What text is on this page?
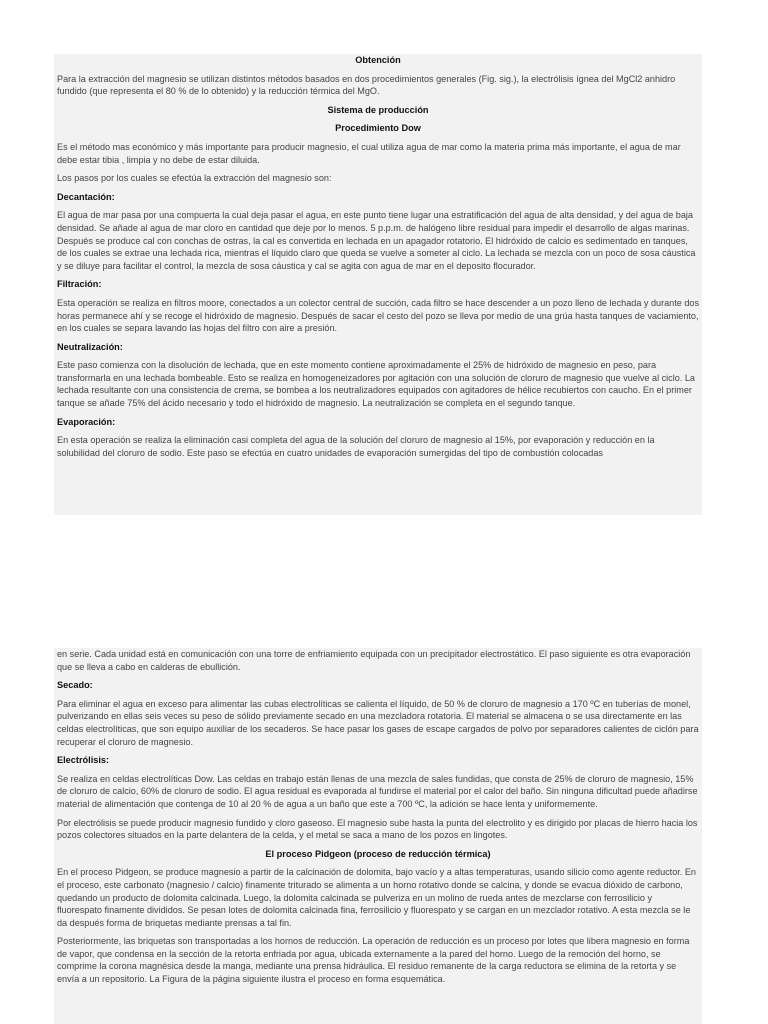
Obtención

Para la extracción del magnesio se utilizan distintos métodos basados en dos procedimientos generales (Fig. sig.), la electrólisis ígnea del MgCl2 anhidro fundido (que representa el 80 % de lo obtenido) y la reducción térmica del MgO.

Sistema de producción

Procedimiento Dow

Es el método mas económico y más importante para producir magnesio, el cual utiliza agua de mar como la materia prima más importante, el agua de mar debe estar tibia , limpia y no debe de estar diluida.

Los pasos por los cuales se efectúa la extracción del magnesio son:

Decantación:

El agua de mar pasa por una compuerta la cual deja pasar el agua, en este punto tiene lugar una estratificación del agua de alta densidad, y del agua de baja densidad. Se añade al agua de mar cloro en cantidad que deje por lo menos. 5 p.p.m. de halógeno libre residual para impedir el desarrollo de algas marinas. Después se produce cal con conchas de ostras, la cal es convertida en lechada en un apagador rotatorio. El hidróxido de calcio es sedimentado en tanques, de los cuales se extrae una lechada rica, mientras el líquido claro que queda se vuelve a someter al ciclo. La lechada se mezcla con un poco de sosa cáustica y se diluye para facilitar el control, la mezcla de sosa cáustica y cal se agita con agua de mar en el deposito flocurador.

Filtración:

Esta operación se realiza en filtros moore, conectados a un colector central de succión, cada filtro se hace descender a un pozo lleno de lechada y durante dos horas permanece ahí y se recoge el hidróxido de magnesio. Después de sacar el cesto del pozo se lleva por medio de una grúa hasta tanques de vaciamiento, en los cuales se separa lavando las hojas del filtro con aire a presión.

Neutralización:

Este paso comienza con la disolución de lechada, que en este momento contiene aproximadamente el 25% de hidróxido de magnesio en peso, para transformarla en una lechada bombeable. Esto se realiza en homogeneizadores por agitación con una solución de cloruro de magnesio que vuelve al ciclo. La lechada resultante con una consistencia de crema, se bombea a los neutralizadores equipados con agitadores de hélice recubiertos con caucho. En el primer tanque se añade 75% del ácido necesario y todo el hidróxido de magnesio. La neutralización se completa en el segundo tanque.

Evaporación:

En esta operación se realiza la eliminación casi completa del agua de la solución del cloruro de magnesio al 15%, por evaporación y reducción en la solubilidad del cloruro de sodio. Este paso se efectúa en cuatro unidades de evaporación sumergidas del tipo de combustión colocadas

en serie. Cada unidad está en comunicación con una torre de enfriamiento equipada con un precipitador electrostático. El paso siguiente es otra evaporación que se lleva a cabo en calderas de ebullición.

Secado:

Para eliminar el agua en exceso para alimentar las cubas electrolíticas se calienta el líquido, de 50 % de cloruro de magnesio a 170 ºC en tuberías de monel, pulverizando en ellas seis veces su peso de sólido previamente secado en una mezcladora rotatoria. El material se almacena o se usa directamente en las celdas electrolíticas, que son equipo auxiliar de los secaderos. Se hace pasar los gases de escape cargados de polvo por separadores calientes de ciclón para recuperar el cloruro de magnesio.

Electrólisis:

Se realiza en celdas electrolíticas Dow. Las celdas en trabajo están llenas de una mezcla de sales fundidas, que consta de 25% de cloruro de magnesio, 15% de cloruro de calcio, 60% de cloruro de sodio. El agua residual es evaporada al fundirse el material por el calor del baño. Sin ninguna dificultad puede añadirse material de alimentación que contenga de 10 al 20 % de agua a un baño que este a 700 ºC, la adición se hace lenta y uniformemente.

Por electrólisis se puede producir magnesio fundido y cloro gaseoso. El magnesio sube hasta la punta del electrolito y es dirigido por placas de hierro hacia los pozos colectores situados en la parte delantera de la celda, y el metal se saca a mano de los pozos en lingotes.

El proceso Pidgeon (proceso de reducción térmica)

En el proceso Pidgeon, se produce magnesio a partir de la calcinación de dolomita, bajo vacío y a altas temperaturas, usando silicio como agente reductor. En el proceso, este carbonato (magnesio / calcio) finamente triturado se alimenta a un horno rotativo donde se calcina, y donde se evacua dióxido de carbono, quedando un producto de dolomita calcinada. Luego, la dolomita calcinada se pulveriza en un molino de rueda antes de mezclarse con ferrosilicio y fluorespato finamente divididos. Se pesan lotes de dolomita calcinada fina, ferrosilicio y fluorespato y se cargan en un mezclador rotativo. A esta mezcla se le da después forma de briquetas mediante prensas a tal fin.

Posteriormente, las briquetas son transportadas a los hornos de reducción. La operación de reducción es un proceso por lotes que libera magnesio en forma de vapor, que condensa en la sección de la retorta enfriada por agua, ubicada externamente a la pared del horno. Luego de la remoción del horno, se comprime la corona magnésica desde la manga, mediante una prensa hidráulica. El residuo remanente de la carga reductora se elimina de la retorta y se envía a un repositorio. La Figura de la página siguiente ilustra el proceso en forma esquemática.
